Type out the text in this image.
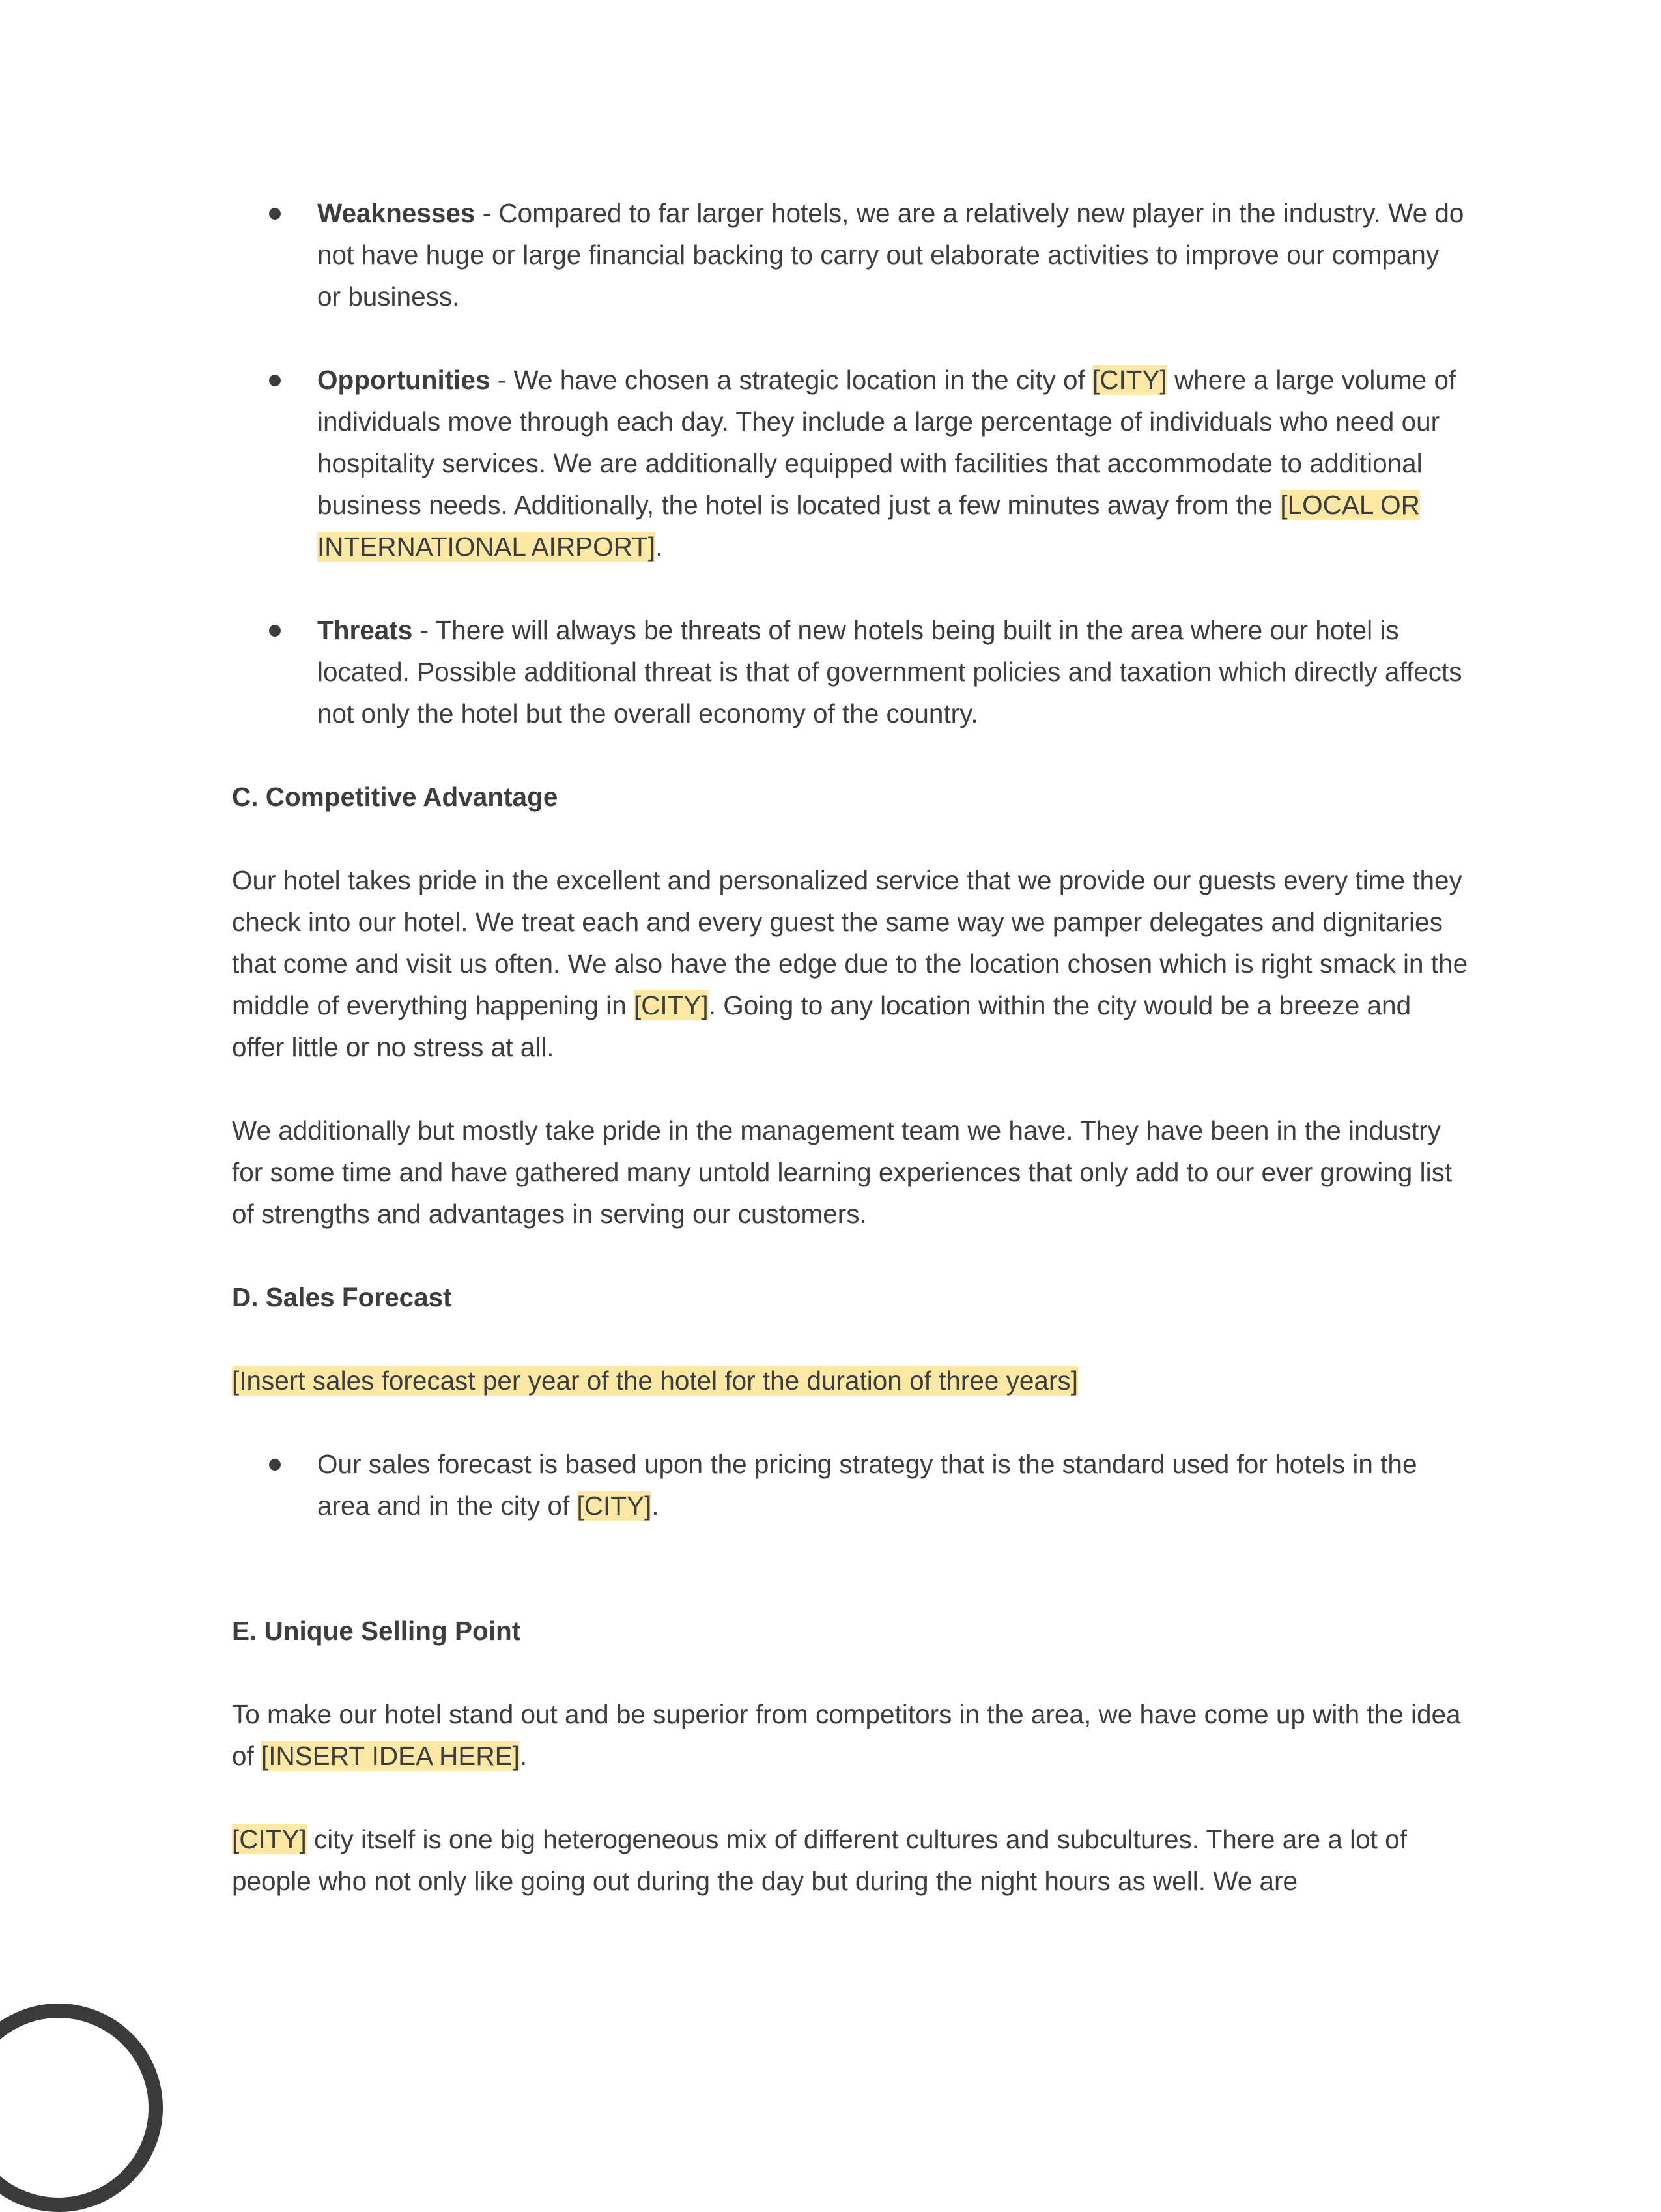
Weaknesses - Compared to far larger hotels, we are a relatively new player in the industry. We do not have huge or large financial backing to carry out elaborate activities to improve our company or business.

Opportunities - We have chosen a strategic location in the city of [CITY] where a large volume of individuals move through each day. They include a large percentage of individuals who need our hospitality services. We are additionally equipped with facilities that accommodate to additional business needs. Additionally, the hotel is located just a few minutes away from the [LOCAL OR INTERNATIONAL AIRPORT].

Threats - There will always be threats of new hotels being built in the area where our hotel is located. Possible additional threat is that of government policies and taxation which directly affects not only the hotel but the overall economy of the country.

C. Competitive Advantage

Our hotel takes pride in the excellent and personalized service that we provide our guests every time they check into our hotel. We treat each and every guest the same way we pamper delegates and dignitaries that come and visit us often. We also have the edge due to the location chosen which is right smack in the middle of everything happening in [CITY]. Going to any location within the city would be a breeze and offer little or no stress at all.

We additionally but mostly take pride in the management team we have. They have been in the industry for some time and have gathered many untold learning experiences that only add to our ever growing list of strengths and advantages in serving our customers.

D. Sales Forecast

[Insert sales forecast per year of the hotel for the duration of three years]

Our sales forecast is based upon the pricing strategy that is the standard used for hotels in the area and in the city of [CITY].

E. Unique Selling Point

To make our hotel stand out and be superior from competitors in the area, we have come up with the idea of [INSERT IDEA HERE].

[CITY] city itself is one big heterogeneous mix of different cultures and subcultures. There are a lot of people who not only like going out during the day but during the night hours as well. We are
